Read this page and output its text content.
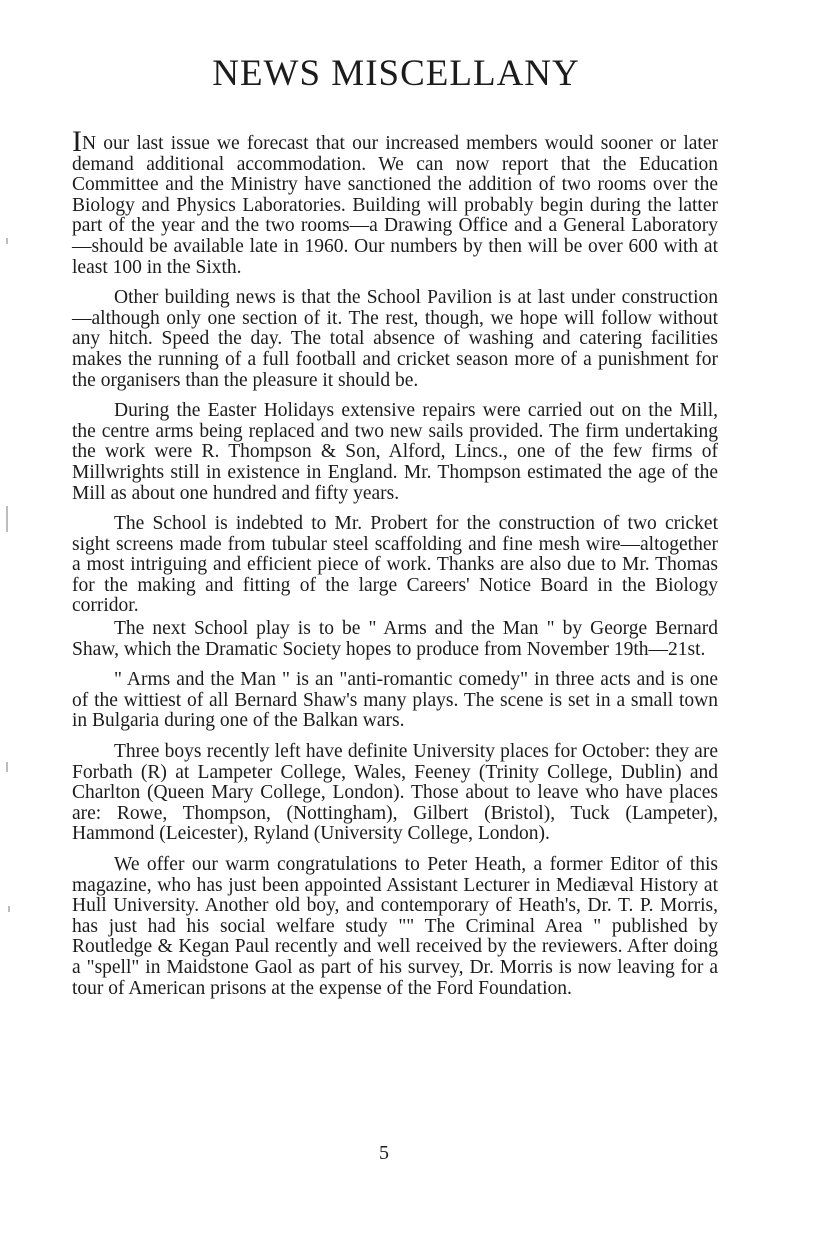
NEWS MISCELLANY

IN our last issue we forecast that our increased members would sooner or later demand additional accommodation. We can now report that the Education Committee and the Ministry have sanctioned the addition of two rooms over the Biology and Physics Laboratories. Building will probably begin during the latter part of the year and the two rooms—a Drawing Office and a General Laboratory—should be available late in 1960. Our numbers by then will be over 600 with at least 100 in the Sixth.

Other building news is that the School Pavilion is at last under construction—although only one section of it. The rest, though, we hope will follow without any hitch. Speed the day. The total absence of washing and catering facilities makes the running of a full football and cricket season more of a punishment for the organisers than the pleasure it should be.

During the Easter Holidays extensive repairs were carried out on the Mill, the centre arms being replaced and two new sails provided. The firm undertaking the work were R. Thompson & Son, Alford, Lincs., one of the few firms of Millwrights still in existence in England. Mr. Thompson estimated the age of the Mill as about one hundred and fifty years.

The School is indebted to Mr. Probert for the construction of two cricket sight screens made from tubular steel scaffolding and fine mesh wire—altogether a most intriguing and efficient piece of work. Thanks are also due to Mr. Thomas for the making and fitting of the large Careers' Notice Board in the Biology corridor.

The next School play is to be " Arms and the Man " by George Bernard Shaw, which the Dramatic Society hopes to produce from November 19th—21st.

" Arms and the Man " is an "anti-romantic comedy" in three acts and is one of the wittiest of all Bernard Shaw's many plays. The scene is set in a small town in Bulgaria during one of the Balkan wars.

Three boys recently left have definite University places for October: they are Forbath (R) at Lampeter College, Wales, Feeney (Trinity College, Dublin) and Charlton (Queen Mary College, London). Those about to leave who have places are: Rowe, Thompson, (Nottingham), Gilbert (Bristol), Tuck (Lampeter), Hammond (Leicester), Ryland (University College, London).

We offer our warm congratulations to Peter Heath, a former Editor of this magazine, who has just been appointed Assistant Lecturer in Mediæval History at Hull University. Another old boy, and contemporary of Heath's, Dr. T. P. Morris, has just had his social welfare study "" The Criminal Area " published by Routledge & Kegan Paul recently and well received by the reviewers. After doing a "spell" in Maidstone Gaol as part of his survey, Dr. Morris is now leaving for a tour of American prisons at the expense of the Ford Foundation.

5
